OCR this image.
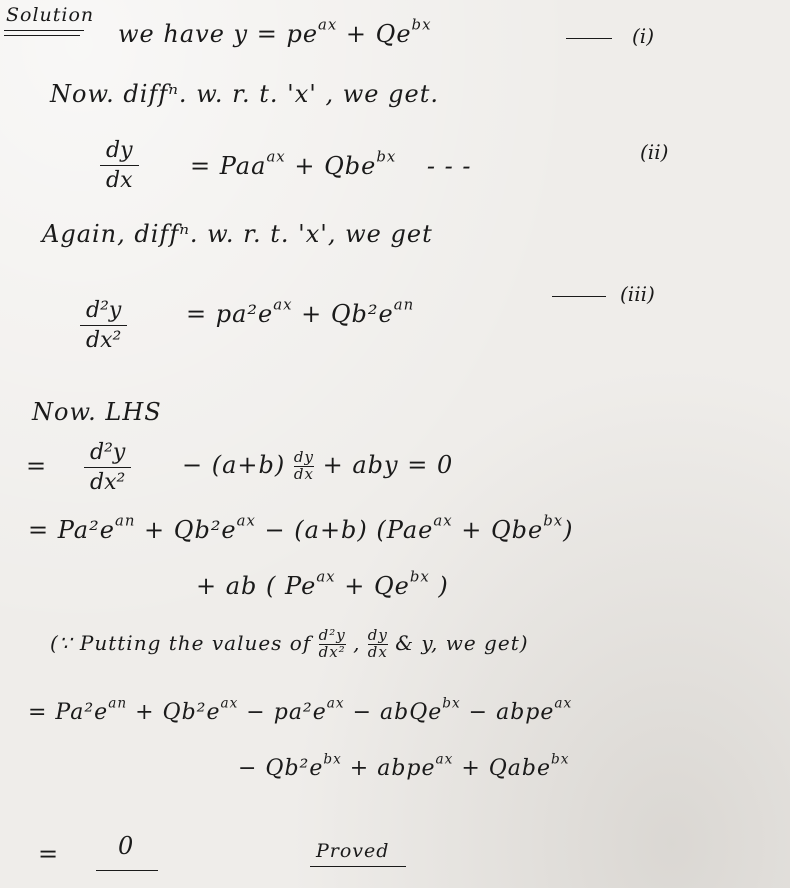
Solution
we have $y = pe^{ax} + Qe^{bx}$	(i)
Now. diffⁿ. w. r. t. 'x' , we get.
dy
dx
= Paa$^{ax}$ + Qbe$^{bx}$ - - -	(ii)
Again, diffⁿ. w. r. t. 'x', we get
d²y
dx²
= $pa^2e^{ax} + Qb^2e^{an}$	(iii)
Now. LHS
= d²y
dx²
− $(a+b) \frac{dy}{dx}$ + aby = 0
= $Pa^2e^{an} + Qb^2e^{ax} - (a+b) (Pae^{ax} + Qbe^{bx})$
+ ab ( $Pe^{ax} + Qe^{bx}$ )
(∵ Putting the values of $\frac{\text{d²y}}{\text{dx²}}$ , $\frac{dy}{dx}$ & y, we get)
= $Pa^2e^{an} + Qb^2e^{ax} - pa^2e^{ax}$ − abQe$^{bx}$ − abpe$^{ax}$
− $Qb^2e^{bx}$ + abpe$^{ax}$ + Qabe$^{bx}$
= 0	Proved
